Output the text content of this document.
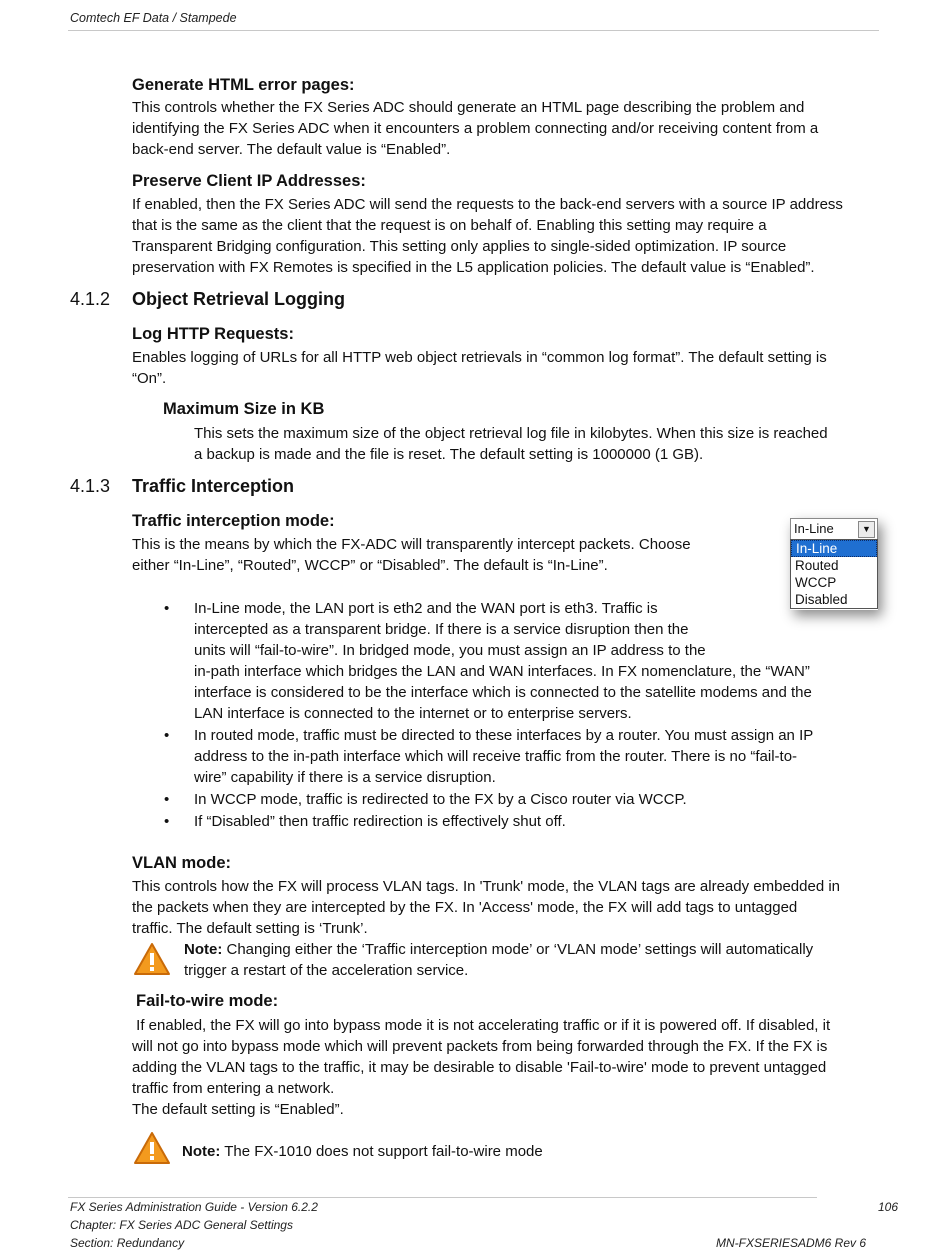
Comtech EF Data / Stampede
Generate HTML error pages:
This controls whether the FX Series ADC should generate an HTML page describing the problem and
identifying the FX Series ADC when it encounters a problem connecting and/or receiving content from a
back-end server. The default value is “Enabled”.
Preserve Client IP Addresses:
If enabled, then the FX Series ADC will send the requests to the back-end servers with a source IP address
that is the same as the client that the request is on behalf of. Enabling this setting may require a
Transparent Bridging configuration. This setting only applies to single-sided optimization. IP source
preservation with FX Remotes is specified in the L5 application policies. The default value is “Enabled”.
4.1.2 Object Retrieval Logging
Log HTTP Requests:
Enables logging of URLs for all HTTP web object retrievals in “common log format”. The default setting is
“On”.
Maximum Size in KB
This sets the maximum size of the object retrieval log file in kilobytes. When this size is reached
a backup is made and the file is reset. The default setting is 1000000 (1 GB).
4.1.3 Traffic Interception
Traffic interception mode:
This is the means by which the FX-ADC will transparently intercept packets. Choose
either “In-Line”, “Routed”, WCCP” or “Disabled”. The default is “In-Line”.
In-Line	▼
In-Line
Routed
WCCP
Disabled
• In-Line mode, the LAN port is eth2 and the WAN port is eth3. Traffic is
intercepted as a transparent bridge. If there is a service disruption then the
units will “fail-to-wire”. In bridged mode, you must assign an IP address to the
in-path interface which bridges the LAN and WAN interfaces. In FX nomenclature, the “WAN”
interface is considered to be the interface which is connected to the satellite modems and the
LAN interface is connected to the internet or to enterprise servers.
• In routed mode, traffic must be directed to these interfaces by a router. You must assign an IP
address to the in-path interface which will receive traffic from the router. There is no “fail-to-
wire” capability if there is a service disruption.
• In WCCP mode, traffic is redirected to the FX by a Cisco router via WCCP.
• If “Disabled” then traffic redirection is effectively shut off.
VLAN mode:
This controls how the FX will process VLAN tags. In 'Trunk' mode, the VLAN tags are already embedded in
the packets when they are intercepted by the FX. In 'Access' mode, the FX will add tags to untagged
traffic. The default setting is ‘Trunk’.
Note: Changing either the ‘Traffic interception mode’ or ‘VLAN mode’ settings will automatically
trigger a restart of the acceleration service.
Fail-to-wire mode:
If enabled, the FX will go into bypass mode it is not accelerating traffic or if it is powered off. If disabled, it
will not go into bypass mode which will prevent packets from being forwarded through the FX. If the FX is
adding the VLAN tags to the traffic, it may be desirable to disable 'Fail-to-wire' mode to prevent untagged
traffic from entering a network.
The default setting is “Enabled”.
Note: The FX-1010 does not support fail-to-wire mode
FX Series Administration Guide - Version 6.2.2	106
Chapter: FX Series ADC General Settings
Section: Redundancy	MN-FXSERIESADM6 Rev 6
